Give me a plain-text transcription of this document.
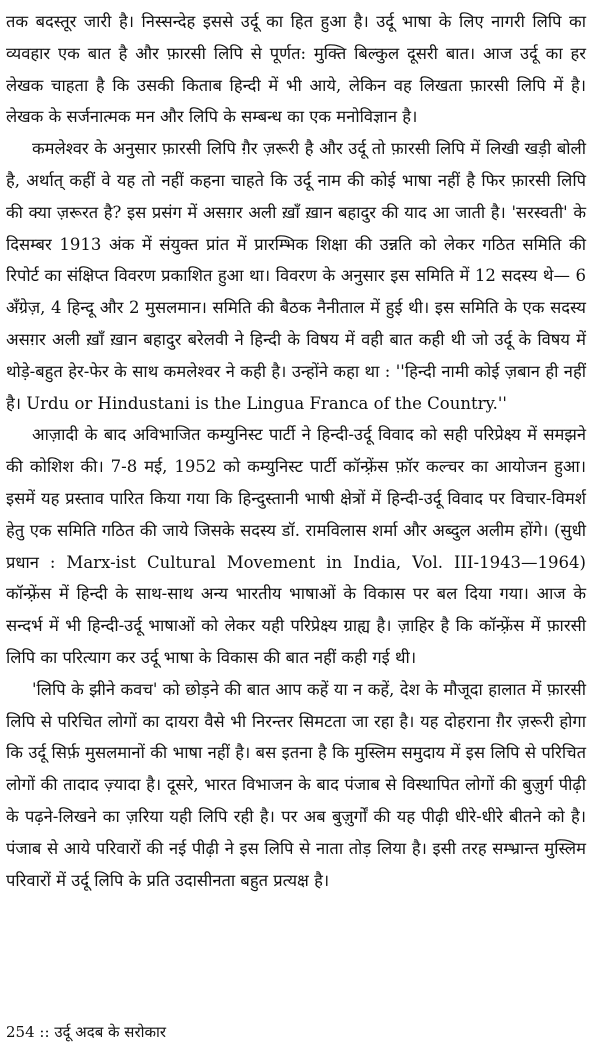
तक बदस्तूर जारी है। निस्सन्देह इससे उर्दू का हित हुआ है। उर्दू भाषा के लिए नागरी लिपि का व्यवहार एक बात है और फ़ारसी लिपि से पूर्णत: मुक्ति बिल्कुल दूसरी बात। आज उर्दू का हर लेखक चाहता है कि उसकी किताब हिन्दी में भी आये, लेकिन वह लिखता फ़ारसी लिपि में है। लेखक के सर्जनात्मक मन और लिपि के सम्बन्ध का एक मनोविज्ञान है।

कमलेश्वर के अनुसार फ़ारसी लिपि ग़ैर ज़रूरी है और उर्दू तो फ़ारसी लिपि में लिखी खड़ी बोली है, अर्थात् कहीं वे यह तो नहीं कहना चाहते कि उर्दू नाम की कोई भाषा नहीं है फिर फ़ारसी लिपि की क्या ज़रूरत है? इस प्रसंग में असग़र अली ख़ाँ ख़ान बहादुर की याद आ जाती है। 'सरस्वती' के दिसम्बर 1913 अंक में संयुक्त प्रांत में प्रारम्भिक शिक्षा की उन्नति को लेकर गठित समिति की रिपोर्ट का संक्षिप्त विवरण प्रकाशित हुआ था। विवरण के अनुसार इस समिति में 12 सदस्य थे— 6 अँग्रेज़, 4 हिन्दू और 2 मुसलमान। समिति की बैठक नैनीताल में हुई थी। इस समिति के एक सदस्य असग़र अली ख़ाँ ख़ान बहादुर बरेलवी ने हिन्दी के विषय में वही बात कही थी जो उर्दू के विषय में थोड़े-बहुत हेर-फेर के साथ कमलेश्वर ने कही है। उन्होंने कहा था : ''हिन्दी नामी कोई ज़बान ही नहीं है। Urdu or Hindustani is the Lingua Franca of the Country.''

आज़ादी के बाद अविभाजित कम्युनिस्ट पार्टी ने हिन्दी-उर्दू विवाद को सही परिप्रेक्ष्य में समझने की कोशिश की। 7-8 मई, 1952 को कम्युनिस्ट पार्टी कॉन्फ़्रेंस फ़ॉर कल्चर का आयोजन हुआ। इसमें यह प्रस्ताव पारित किया गया कि हिन्दुस्तानी भाषी क्षेत्रों में हिन्दी-उर्दू विवाद पर विचार-विमर्श हेतु एक समिति गठित की जाये जिसके सदस्य डॉ. रामविलास शर्मा और अब्दुल अलीम होंगे। (सुधी प्रधान : Marx-ist Cultural Movement in India, Vol. III-1943—1964) कॉन्फ़्रेंस में हिन्दी के साथ-साथ अन्य भारतीय भाषाओं के विकास पर बल दिया गया। आज के सन्दर्भ में भी हिन्दी-उर्दू भाषाओं को लेकर यही परिप्रेक्ष्य ग्राह्य है। ज़ाहिर है कि कॉन्फ़्रेंस में फ़ारसी लिपि का परित्याग कर उर्दू भाषा के विकास की बात नहीं कही गई थी।

'लिपि के झीने कवच' को छोड़ने की बात आप कहें या न कहें, देश के मौजूदा हालात में फ़ारसी लिपि से परिचित लोगों का दायरा वैसे भी निरन्तर सिमटता जा रहा है। यह दोहराना ग़ैर ज़रूरी होगा कि उर्दू सिर्फ़ मुसलमानों की भाषा नहीं है। बस इतना है कि मुस्लिम समुदाय में इस लिपि से परिचित लोगों की तादाद ज़्यादा है। दूसरे, भारत विभाजन के बाद पंजाब से विस्थापित लोगों की बुज़ुर्ग पीढ़ी के पढ़ने-लिखने का ज़रिया यही लिपि रही है। पर अब बुज़ुर्गों की यह पीढ़ी धीरे-धीरे बीतने को है। पंजाब से आये परिवारों की नई पीढ़ी ने इस लिपि से नाता तोड़ लिया है। इसी तरह सम्भ्रान्त मुस्लिम परिवारों में उर्दू लिपि के प्रति उदासीनता बहुत प्रत्यक्ष है।

254 :: उर्दू अदब के सरोकार
